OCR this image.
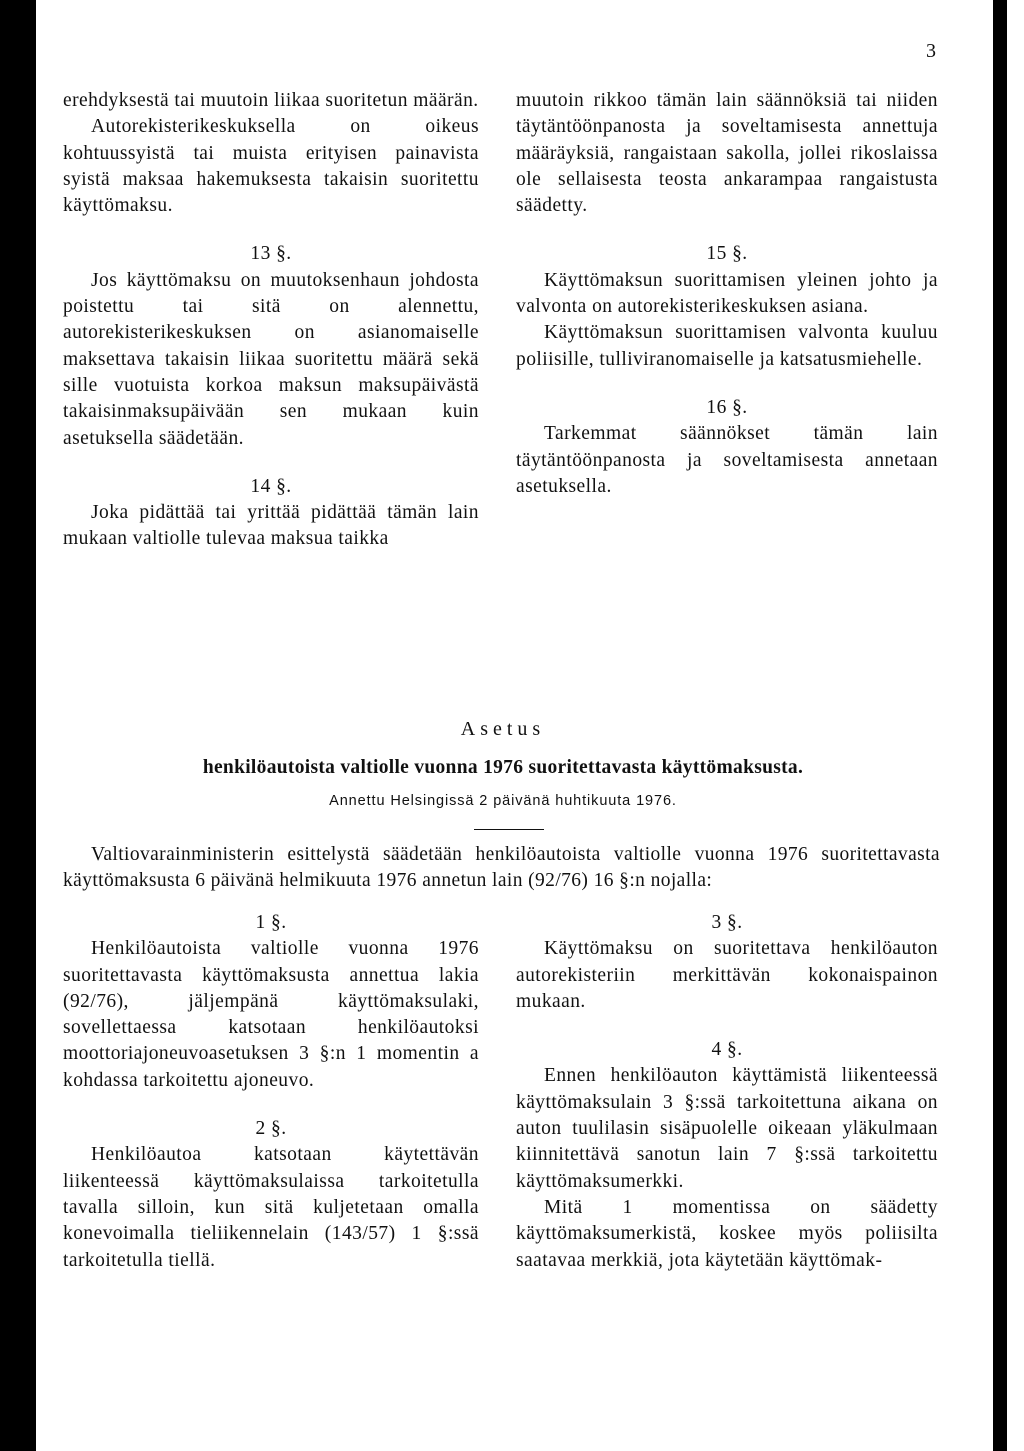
3

erehdyksestä tai muutoin liikaa suoritetun määrän.

Autorekisterikeskuksella on oikeus kohtuussyistä tai muista erityisen painavista syistä maksaa hakemuksesta takaisin suoritettu käyttömaksu.

13 §.

Jos käyttömaksu on muutoksenhaun johdosta poistettu tai sitä on alennettu, autorekisterikeskuksen on asianomaiselle maksettava takaisin liikaa suoritettu määrä sekä sille vuotuista korkoa maksun maksupäivästä takaisinmaksupäivään sen mukaan kuin asetuksella säädetään.

14 §.

Joka pidättää tai yrittää pidättää tämän lain mukaan valtiolle tulevaa maksua taikka

muutoin rikkoo tämän lain säännöksiä tai niiden täytäntöönpanosta ja soveltamisesta annettuja määräyksiä, rangaistaan sakolla, jollei rikoslaissa ole sellaisesta teosta ankarampaa rangaistusta säädetty.

15 §.

Käyttömaksun suorittamisen yleinen johto ja valvonta on autorekisterikeskuksen asiana.

Käyttömaksun suorittamisen valvonta kuuluu poliisille, tulliviranomaiselle ja katsatusmiehelle.

16 §.

Tarkemmat säännökset tämän lain täytäntöönpanosta ja soveltamisesta annetaan asetuksella.

Asetus
henkilöautoista valtiolle vuonna 1976 suoritettavasta käyttömaksusta.
Annettu Helsingissä 2 päivänä huhtikuuta 1976.

Valtiovarainministerin esittelystä säädetään henkilöautoista valtiolle vuonna 1976 suoritettavasta käyttömaksusta 6 päivänä helmikuuta 1976 annetun lain (92/76) 16 §:n nojalla:

1 §.

Henkilöautoista valtiolle vuonna 1976 suoritettavasta käyttömaksusta annettua lakia (92/76), jäljempänä käyttömaksulaki, sovellettaessa katsotaan henkilöautoksi moottoriajoneuvoasetuksen 3 §:n 1 momentin a kohdassa tarkoitettu ajoneuvo.

2 §.

Henkilöautoa katsotaan käytettävän liikenteessä käyttömaksulaissa tarkoitetulla tavalla silloin, kun sitä kuljetetaan omalla konevoimalla tieliikennelain (143/57) 1 §:ssä tarkoitetulla tiellä.

3 §.

Käyttömaksu on suoritettava henkilöauton autorekisteriin merkittävän kokonaispainon mukaan.

4 §.

Ennen henkilöauton käyttämistä liikenteessä käyttömaksulain 3 §:ssä tarkoitettuna aikana on auton tuulilasin sisäpuolelle oikeaan yläkulmaan kiinnitettävä sanotun lain 7 §:ssä tarkoitettu käyttömaksumerkki.

Mitä 1 momentissa on säädetty käyttömaksumerkistä, koskee myös poliisilta saatavaa merkkiä, jota käytetään käyttömak-
